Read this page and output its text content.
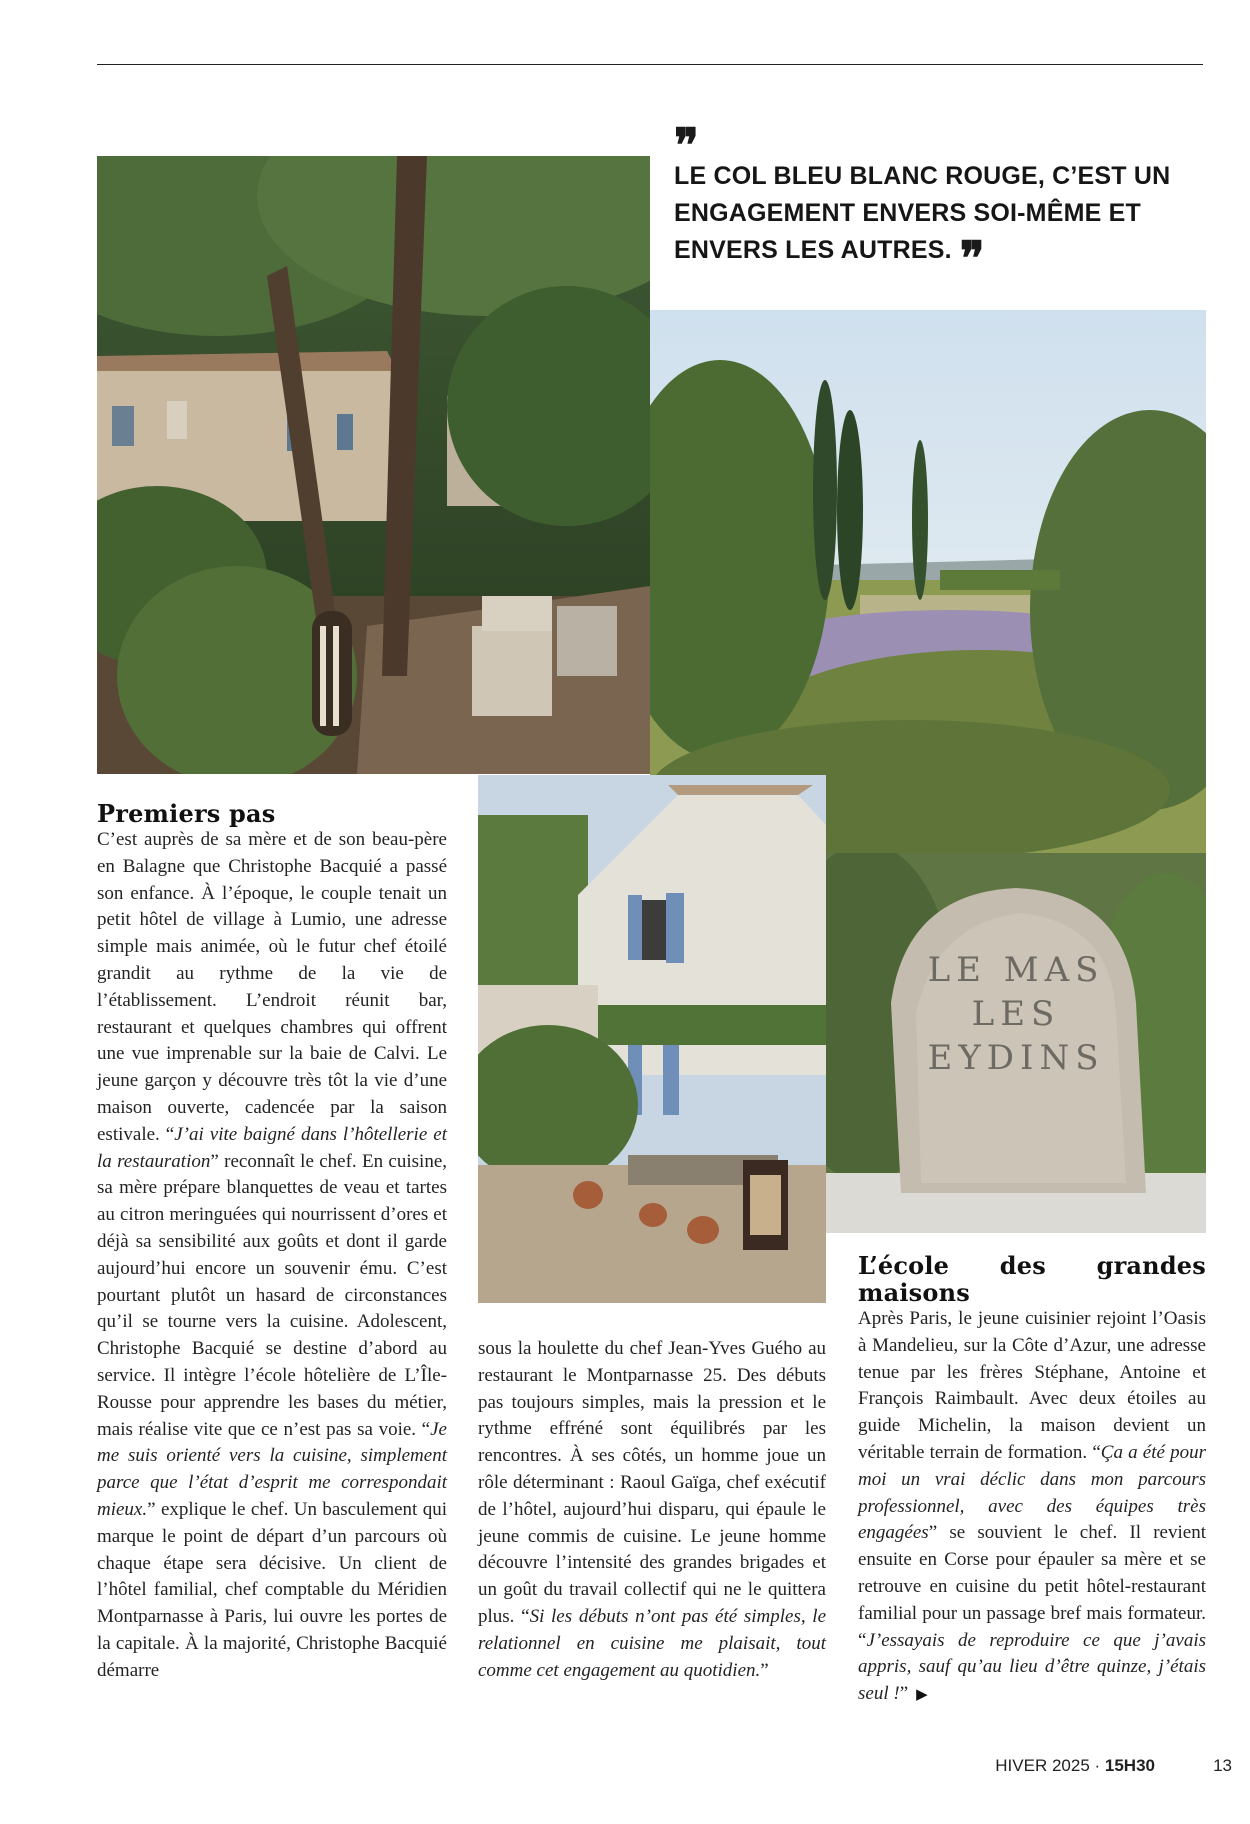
❞
LE COL BLEU BLANC ROUGE, C’EST UN ENGAGEMENT ENVERS SOI-MÊME ET ENVERS LES AUTRES. ❞
LE MAS
LES
EYDINS
Premiers pas

C’est auprès de sa mère et de son beau-père en Balagne que Christophe Bacquié a passé son enfance. À l’époque, le couple tenait un petit hôtel de village à Lumio, une adresse simple mais animée, où le futur chef étoilé grandit au rythme de la vie de l’établissement. L’endroit réunit bar, restaurant et quelques chambres qui offrent une vue imprenable sur la baie de Calvi. Le jeune garçon y découvre très tôt la vie d’une maison ouverte, cadencée par la saison estivale. “J’ai vite baigné dans l’hôtellerie et la restauration” reconnaît le chef. En cuisine, sa mère prépare blanquettes de veau et tartes au citron meringuées qui nourrissent d’ores et déjà sa sensibilité aux goûts et dont il garde aujourd’hui encore un souvenir ému. C’est pourtant plutôt un hasard de circonstances qu’il se tourne vers la cuisine. Adolescent, Christophe Bacquié se destine d’abord au service. Il intègre l’école hôtelière de L’Île-Rousse pour apprendre les bases du métier, mais réalise vite que ce n’est pas sa voie. “Je me suis orienté vers la cuisine, simplement parce que l’état d’esprit me correspondait mieux.” explique le chef. Un basculement qui marque le point de départ d’un parcours où chaque étape sera décisive. Un client de l’hôtel familial, chef comptable du Méridien Montparnasse à Paris, lui ouvre les portes de la capitale. À la majorité, Christophe Bacquié démarre

sous la houlette du chef Jean-Yves Guého au restaurant le Montparnasse 25. Des débuts pas toujours simples, mais la pression et le rythme effréné sont équilibrés par les rencontres. À ses côtés, un homme joue un rôle déterminant : Raoul Gaïga, chef exécutif de l’hôtel, aujourd’hui disparu, qui épaule le jeune commis de cuisine. Le jeune homme découvre l’intensité des grandes brigades et un goût du travail collectif qui ne le quittera plus. “Si les débuts n’ont pas été simples, le relationnel en cuisine me plaisait, tout comme cet engagement au quotidien.”

L’école des grandes maisons

Après Paris, le jeune cuisinier rejoint l’Oasis à Mandelieu, sur la Côte d’Azur, une adresse tenue par les frères Stéphane, Antoine et François Raimbault. Avec deux étoiles au guide Michelin, la maison devient un véritable terrain de formation. “Ça a été pour moi un vrai déclic dans mon parcours professionnel, avec des équipes très engagées” se souvient le chef. Il revient ensuite en Corse pour épauler sa mère et se retrouve en cuisine du petit hôtel-restaurant familial pour un passage bref mais formateur. “J’essayais de reproduire ce que j’avais appris, sauf qu’au lieu d’être quinze, j’étais seul !” ▶

HIVER 2025 · 15H30	13
